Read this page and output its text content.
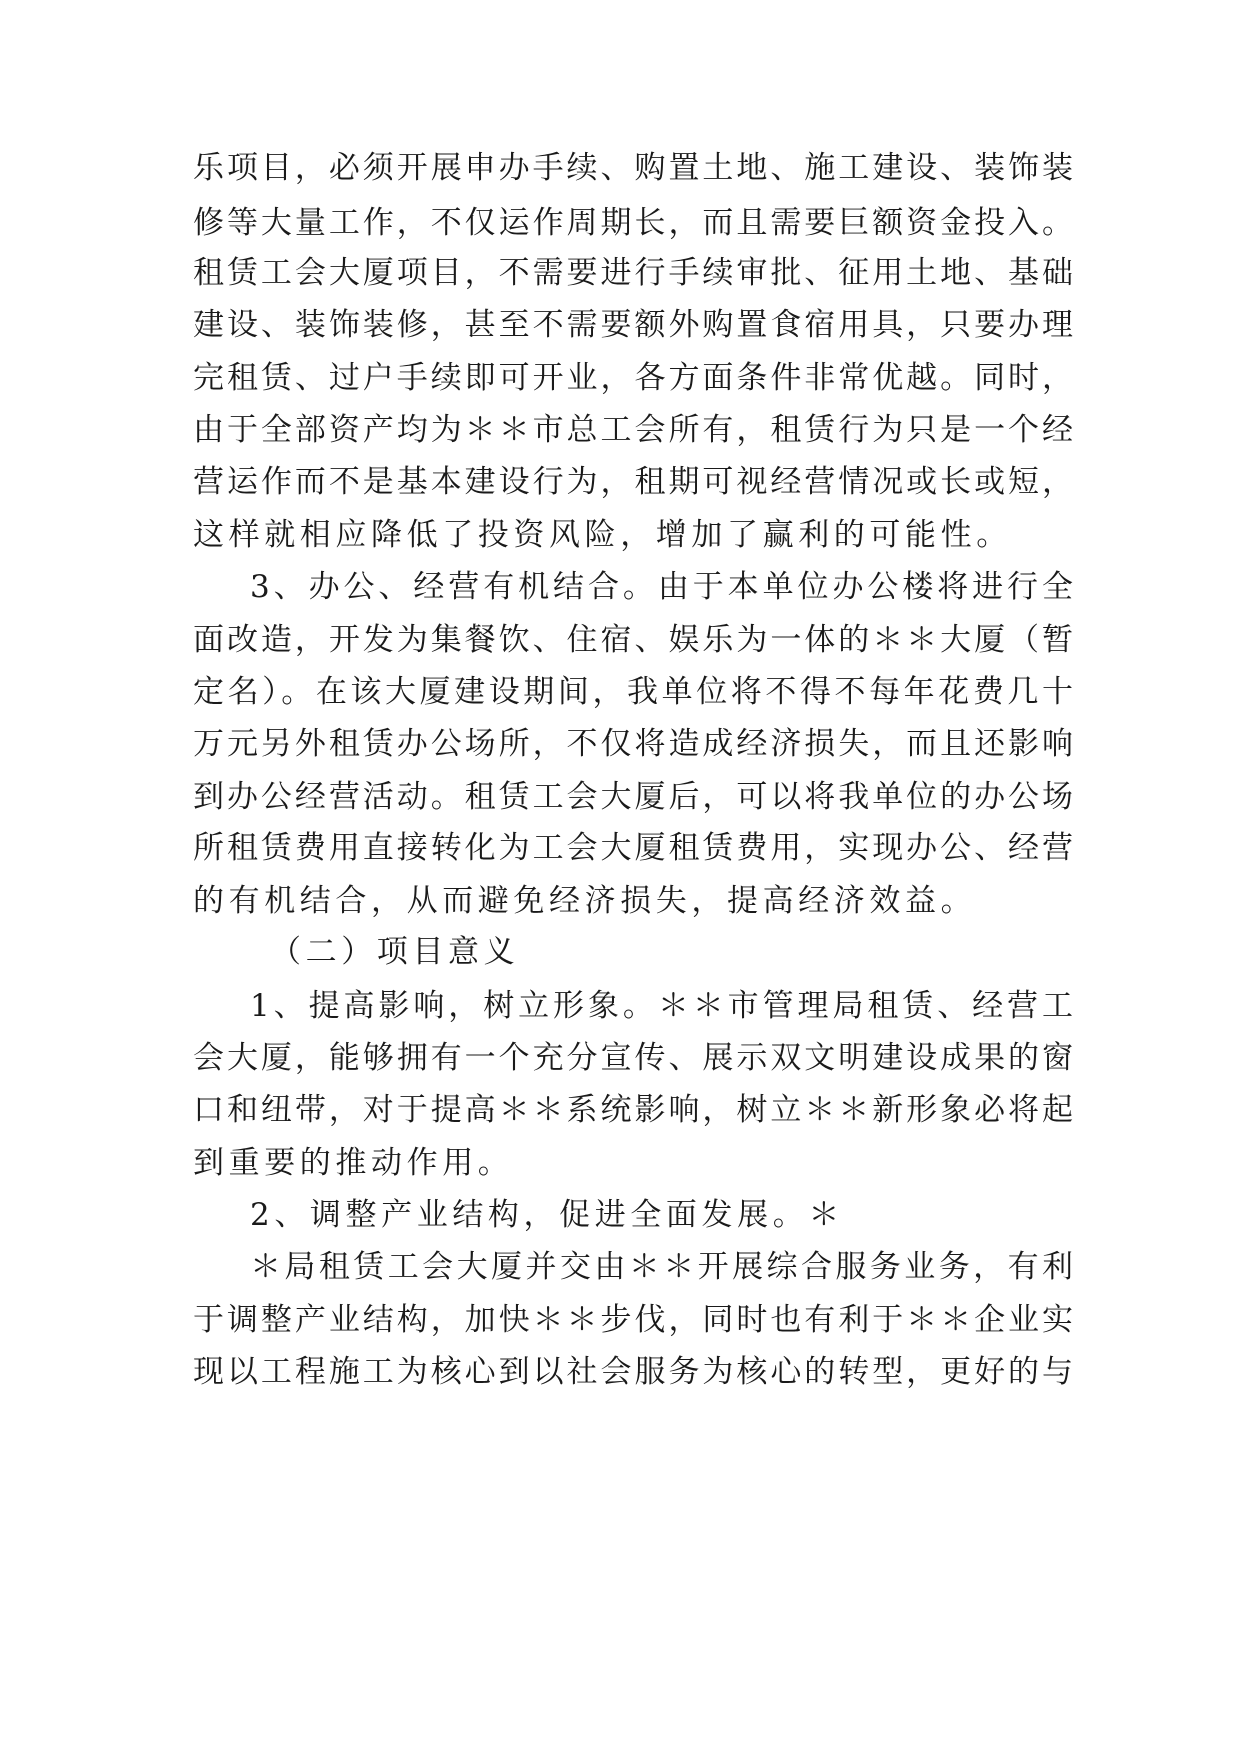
乐项目，必须开展申办手续、购置土地、施工建设、装饰装
修等大量工作，不仅运作周期长，而且需要巨额资金投入。
租赁工会大厦项目，不需要进行手续审批、征用土地、基础
建设、装饰装修，甚至不需要额外购置食宿用具，只要办理
完租赁、过户手续即可开业，各方面条件非常优越。同时，
由于全部资产均为＊＊市总工会所有，租赁行为只是一个经
营运作而不是基本建设行为，租期可视经营情况或长或短，
这样就相应降低了投资风险，增加了赢利的可能性。
3、办公、经营有机结合。由于本单位办公楼将进行全
面改造，开发为集餐饮、住宿、娱乐为一体的＊＊大厦（暂
定名）。在该大厦建设期间，我单位将不得不每年花费几十
万元另外租赁办公场所，不仅将造成经济损失，而且还影响
到办公经营活动。租赁工会大厦后，可以将我单位的办公场
所租赁费用直接转化为工会大厦租赁费用，实现办公、经营
的有机结合，从而避免经济损失，提高经济效益。
（二）项目意义
1、提高影响，树立形象。＊＊市管理局租赁、经营工
会大厦，能够拥有一个充分宣传、展示双文明建设成果的窗
口和纽带，对于提高＊＊系统影响，树立＊＊新形象必将起
到重要的推动作用。
2、调整产业结构，促进全面发展。＊
＊局租赁工会大厦并交由＊＊开展综合服务业务，有利
于调整产业结构，加快＊＊步伐，同时也有利于＊＊企业实
现以工程施工为核心到以社会服务为核心的转型，更好的与
